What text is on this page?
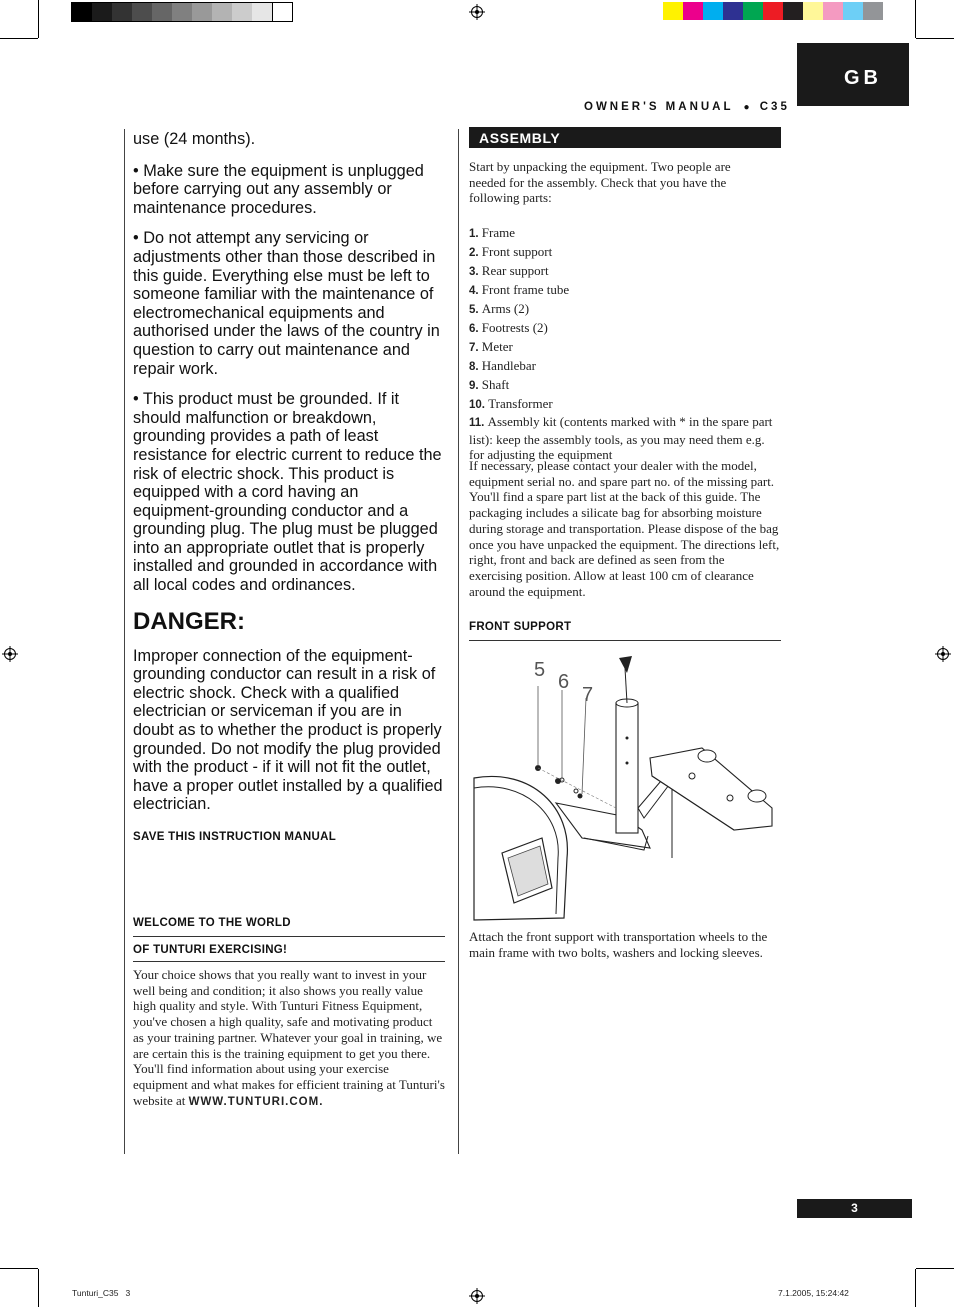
GB
OWNER'S MANUAL ● C35

use (24 months).

• Make sure the equipment is unplugged before carrying out any assembly or maintenance procedures.

• Do not attempt any servicing or adjustments other than those described in this guide. Everything else must be left to someone familiar with the maintenance of electromechanical equipments and authorised under the laws of the country in question to carry out maintenance and repair work.

• This product must be grounded. If it should malfunction or breakdown, grounding provides a path of least resistance for electric current to reduce the risk of electric shock. This product is equipped with a cord having an equipment-grounding conductor and a grounding plug. The plug must be plugged into an appropriate outlet that is properly installed and grounded in accordance with all local codes and ordinances.

DANGER:

Improper connection of the equipment-grounding conductor can result in a risk of electric shock. Check with a qualified electrician or serviceman if you are in doubt as to whether the product is properly grounded. Do not modify the plug provided with the product - if it will not fit the outlet, have a proper outlet installed by a qualified electrician.

SAVE THIS INSTRUCTION MANUAL
WELCOME TO THE WORLD
OF TUNTURI EXERCISING!
Your choice shows that you really want to invest in your well being and condition; it also shows you really value high quality and style. With Tunturi Fitness Equipment, you've chosen a high quality, safe and motivating product as your training partner. Whatever your goal in training, we are certain this is the training equipment to get you there. You'll find information about using your exercise equipment and what makes for efficient training at Tunturi's website at WWW.TUNTURI.COM.
ASSEMBLY
Start by unpacking the equipment. Two people are needed for the assembly. Check that you have the following parts:
1. Frame
2. Front support
3. Rear support
4. Front frame tube
5. Arms (2)
6. Footrests (2)
7. Meter
8. Handlebar
9. Shaft
10. Transformer
11. Assembly kit (contents marked with * in the spare part list): keep the assembly tools, as you may need them e.g. for adjusting the equipment
If necessary, please contact your dealer with the model, equipment serial no. and spare part no. of the missing part. You'll find a spare part list at the back of this guide. The packaging includes a silicate bag for absorbing moisture during storage and transportation. Please dispose of the bag once you have unpacked the equipment. The directions left, right, front and back are defined as seen from the exercising position. Allow at least 100 cm of clearance around the equipment.
FRONT SUPPORT
5
6
7
Attach the front support with transportation wheels to the main frame with two bolts, washers and locking sleeves.
3
Tunturi_C35   3	7.1.2005, 15:24:42
